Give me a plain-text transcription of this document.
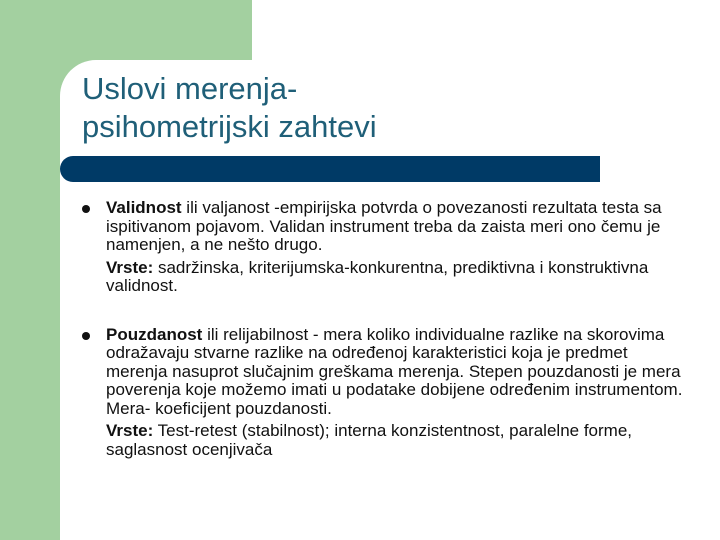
Uslovi merenja-
psihometrijski zahtevi

Validnost ili valjanost -empirijska potvrda o povezanosti rezultata testa sa ispitivanom pojavom. Validan instrument treba da zaista meri ono čemu je namenjen, a ne nešto drugo.

Vrste: sadržinska, kriterijumska-konkurentna, prediktivna i konstruktivna validnost.

Pouzdanost ili relijabilnost - mera koliko individualne razlike na skorovima odražavaju stvarne razlike na određenoj karakteristici koja je predmet merenja nasuprot slučajnim greškama merenja. Stepen pouzdanosti je mera poverenja koje možemo imati u podatake dobijene određenim instrumentom. Mera- koeficijent pouzdanosti.

Vrste: Test-retest (stabilnost); interna konzistentnost, paralelne forme, saglasnost ocenjivača
